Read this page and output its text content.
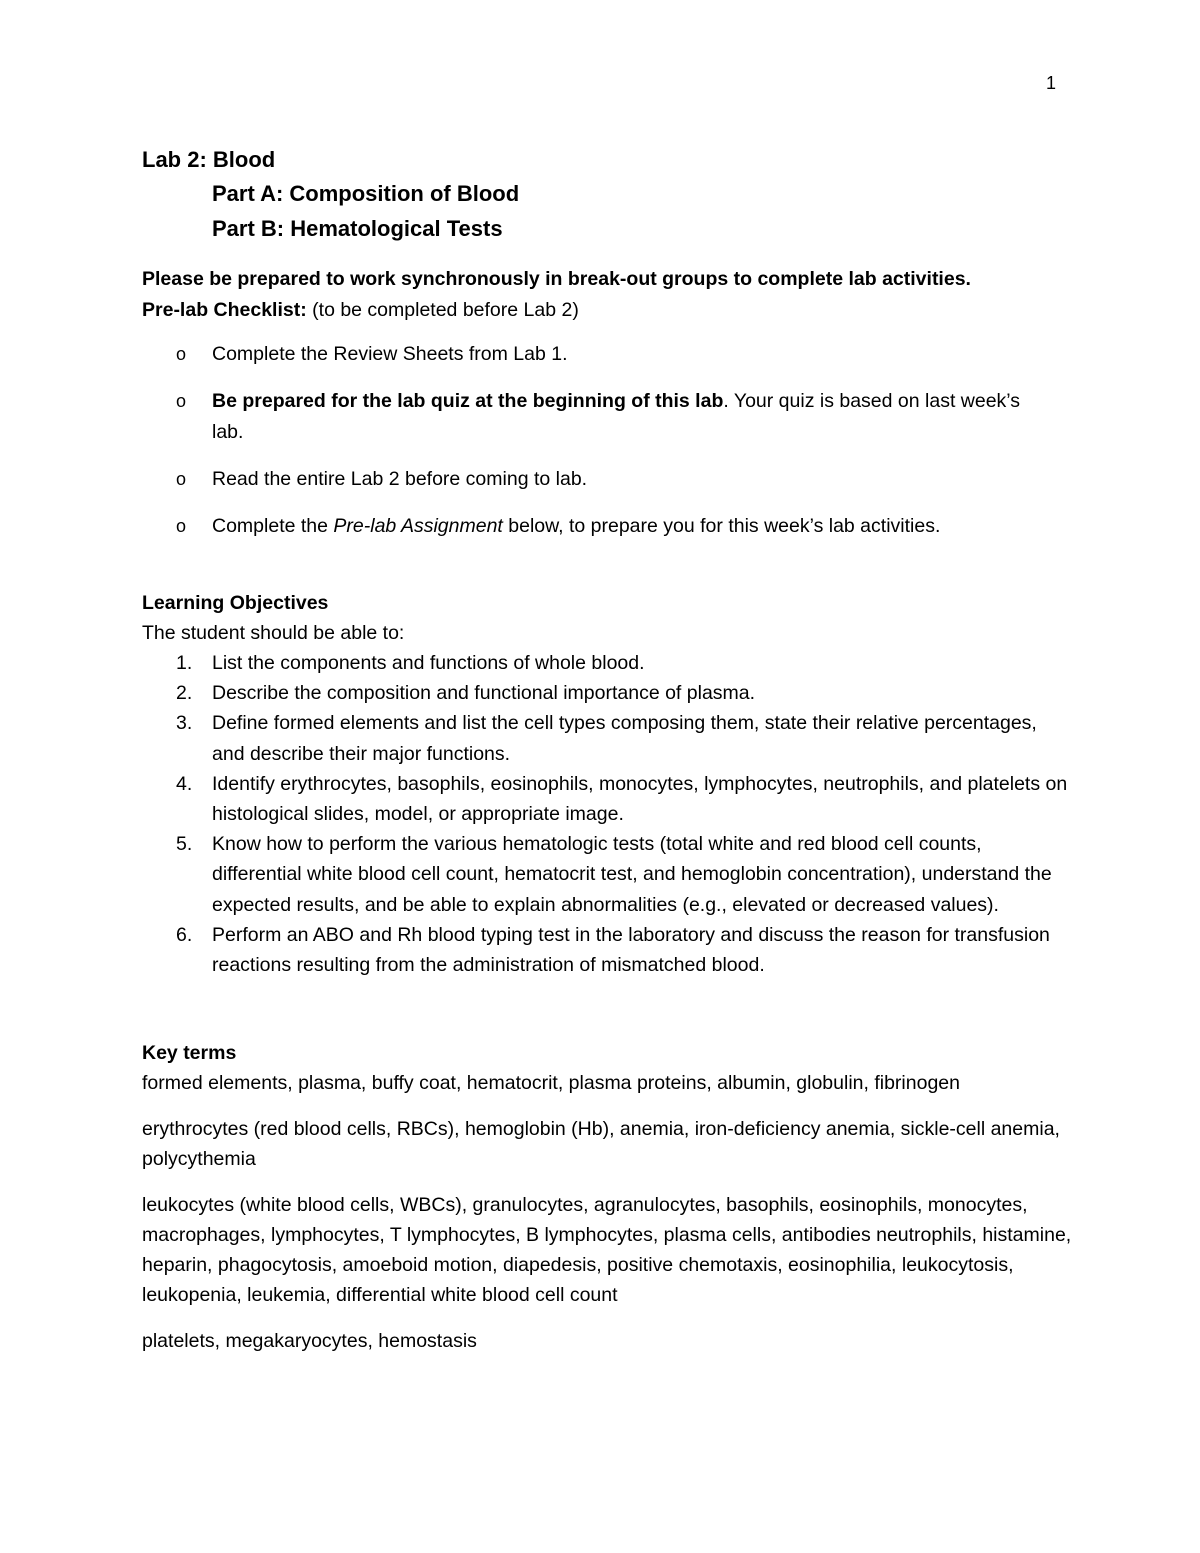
1
Lab 2: Blood
Part A: Composition of Blood
Part B: Hematological Tests
Please be prepared to work synchronously in break-out groups to complete lab activities.
Pre-lab Checklist: (to be completed before Lab 2)
o Complete the Review Sheets from Lab 1.
o Be prepared for the lab quiz at the beginning of this lab. Your quiz is based on last week’s lab.
o Read the entire Lab 2 before coming to lab.
o Complete the Pre-lab Assignment below, to prepare you for this week’s lab activities.
Learning Objectives
The student should be able to:
1. List the components and functions of whole blood.
2. Describe the composition and functional importance of plasma.
3. Define formed elements and list the cell types composing them, state their relative percentages, and describe their major functions.
4. Identify erythrocytes, basophils, eosinophils, monocytes, lymphocytes, neutrophils, and platelets on histological slides, model, or appropriate image.
5. Know how to perform the various hematologic tests (total white and red blood cell counts, differential white blood cell count, hematocrit test, and hemoglobin concentration), understand the expected results, and be able to explain abnormalities (e.g., elevated or decreased values).
6. Perform an ABO and Rh blood typing test in the laboratory and discuss the reason for transfusion reactions resulting from the administration of mismatched blood.
Key terms
formed elements, plasma, buffy coat, hematocrit, plasma proteins, albumin, globulin, fibrinogen
erythrocytes (red blood cells, RBCs), hemoglobin (Hb), anemia, iron-deficiency anemia, sickle-cell anemia, polycythemia
leukocytes (white blood cells, WBCs), granulocytes, agranulocytes, basophils, eosinophils, monocytes, macrophages, lymphocytes, T lymphocytes, B lymphocytes, plasma cells, antibodies neutrophils, histamine, heparin, phagocytosis, amoeboid motion, diapedesis, positive chemotaxis, eosinophilia, leukocytosis, leukopenia, leukemia, differential white blood cell count
platelets, megakaryocytes, hemostasis
